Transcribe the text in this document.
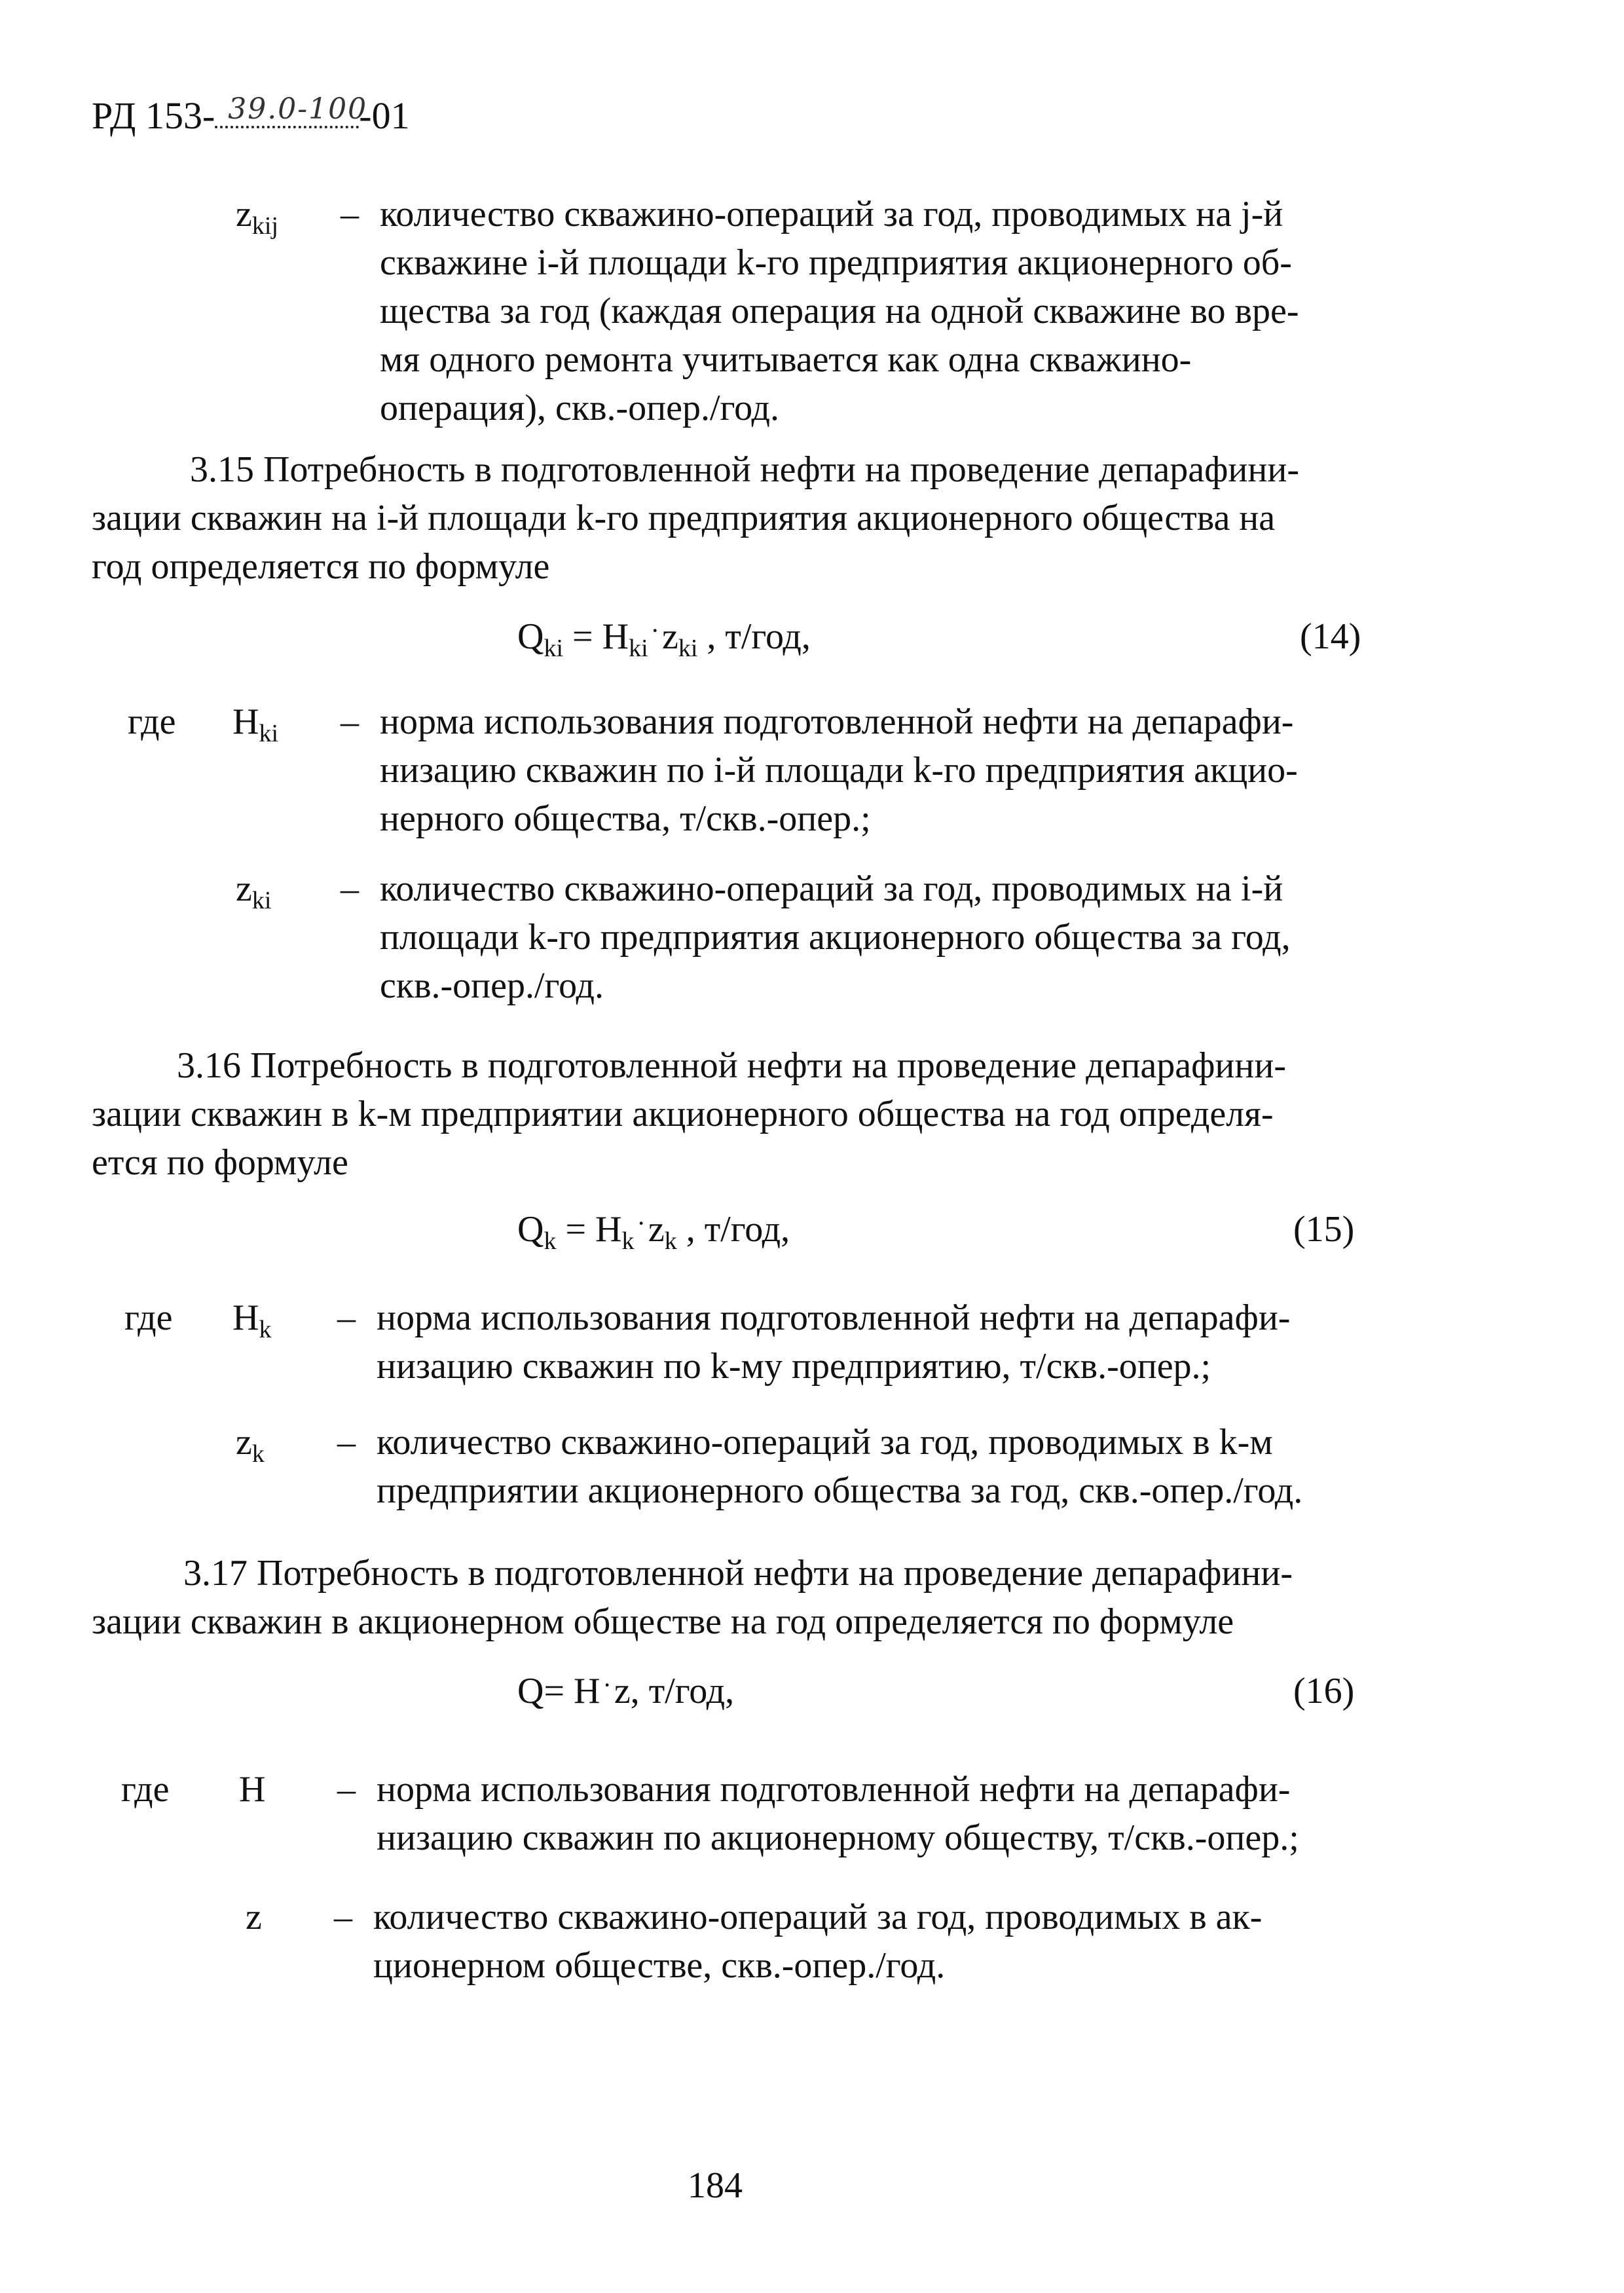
РД 153- 39.0-100
-01
$z_{kij}$ – количество скважино-операций за год, проводимых на j-й
скважине i-й площади k-го предприятия акционерного об-
щества за год (каждая операция на одной скважине во вре-
мя одного ремонта учитывается как одна скважино-
операция), скв.-опер./год.
3.15 Потребность в подготовленной нефти на проведение депарафини-
зации скважин на i-й площади k-го предприятия акционерного общества на
год определяется по формуле
$Q_{ki} = H_{ki}^\cdot z_{ki}$ , т/год,	(14)
где $H_{ki}$ – норма использования подготовленной нефти на депарафи-
низацию скважин по i-й площади k-го предприятия акцио-
нерного общества, т/скв.-опер.;
$z_{ki}$ – количество скважино-операций за год, проводимых на i-й
площади k-го предприятия акционерного общества за год,
скв.-опер./год.
3.16 Потребность в подготовленной нефти на проведение депарафини-
зации скважин в k-м предприятии акционерного общества на год определя-
ется по формуле
$Q_k = H_k^\cdot z_k$ , т/год,	(15)
где $H_k$ – норма использования подготовленной нефти на депарафи-
низацию скважин по k-му предприятию, т/скв.-опер.;
$z_k$ – количество скважино-операций за год, проводимых в k-м
предприятии акционерного общества за год, скв.-опер./год.
3.17 Потребность в подготовленной нефти на проведение депарафини-
зации скважин в акционерном обществе на год определяется по формуле
Q= H ·z, т/год,	(16)
где H – норма использования подготовленной нефти на депарафи-
низацию скважин по акционерному обществу, т/скв.-опер.;
z – количество скважино-операций за год, проводимых в ак-
ционерном обществе, скв.-опер./год.
184
